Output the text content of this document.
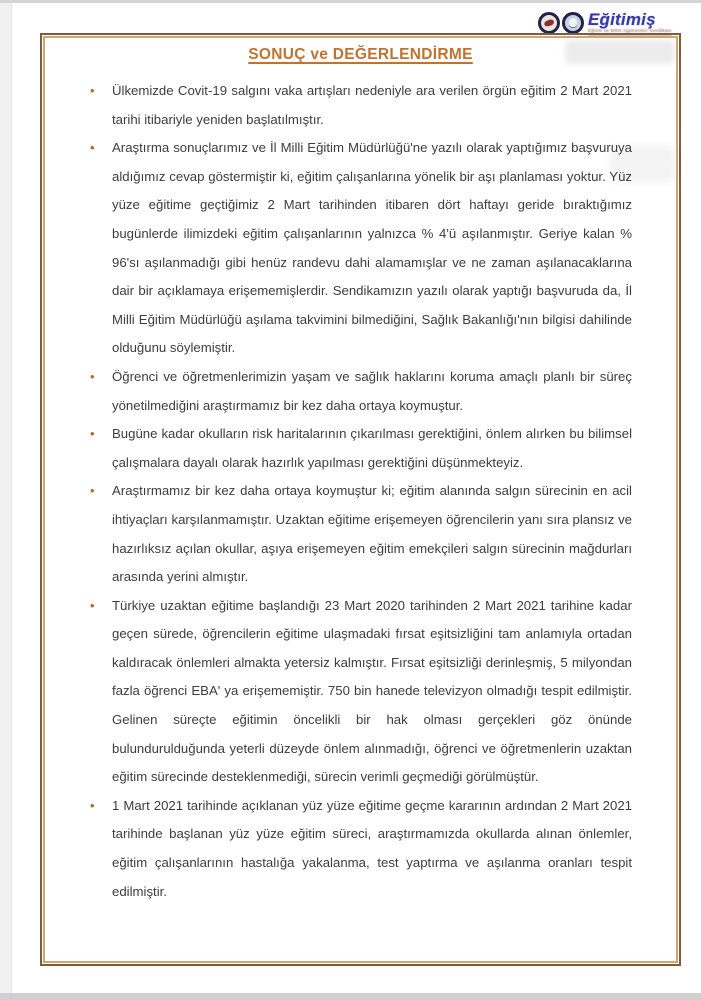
Eğitimiş
Eğitim ve Bilim İşgörenleri Sendikası
SONUÇ ve DEĞERLENDİRME
•	Ülkemizde Covit-19 salgını vaka artışları nedeniyle ara verilen örgün eğitim 2 Mart 2021 tarihi itibariyle yeniden başlatılmıştır.
•	Araştırma sonuçlarımız ve İl Milli Eğitim Müdürlüğü'ne yazılı olarak yaptığımız başvuruya aldığımız cevap göstermiştir ki, eğitim çalışanlarına yönelik bir aşı planlaması yoktur. Yüz yüze eğitime geçtiğimiz 2 Mart tarihinden itibaren dört haftayı geride bıraktığımız bugünlerde ilimizdeki eğitim çalışanlarının yalnızca % 4'ü aşılanmıştır. Geriye kalan % 96'sı aşılanmadığı gibi henüz randevu dahi alamamışlar ve ne zaman aşılanacaklarına dair bir açıklamaya erişememişlerdir. Sendikamızın yazılı olarak yaptığı başvuruda da, İl Milli Eğitim Müdürlüğü aşılama takvimini bilmediğini, Sağlık Bakanlığı'nın bilgisi dahilinde olduğunu söylemiştir.
•	Öğrenci ve öğretmenlerimizin yaşam ve sağlık haklarını koruma amaçlı planlı bir süreç yönetilmediğini araştırmamız bir kez daha ortaya koymuştur.
•	Bugüne kadar okulların risk haritalarının çıkarılması gerektiğini, önlem alırken bu bilimsel çalışmalara dayalı olarak hazırlık yapılması gerektiğini düşünmekteyiz.
•	Araştırmamız bir kez daha ortaya koymuştur ki; eğitim alanında salgın sürecinin en acil ihtiyaçları karşılanmamıştır. Uzaktan eğitime erişemeyen öğrencilerin yanı sıra plansız ve hazırlıksız açılan okullar, aşıya erişemeyen eğitim emekçileri salgın sürecinin mağdurları arasında yerini almıştır.
•	Türkiye uzaktan eğitime başlandığı 23 Mart 2020 tarihinden 2 Mart 2021 tarihine kadar geçen sürede, öğrencilerin eğitime ulaşmadaki fırsat eşitsizliğini tam anlamıyla ortadan kaldıracak önlemleri almakta yetersiz kalmıştır. Fırsat eşitsizliği derinleşmiş, 5 milyondan fazla öğrenci EBA' ya erişememiştir. 750 bin hanede televizyon olmadığı tespit edilmiştir. Gelinen süreçte eğitimin öncelikli bir hak olması gerçekleri göz önünde bulundurulduğunda yeterli düzeyde önlem alınmadığı, öğrenci ve öğretmenlerin uzaktan eğitim sürecinde desteklenmediği, sürecin verimli geçmediği görülmüştür.
•	1 Mart 2021 tarihinde açıklanan yüz yüze eğitime geçme kararının ardından 2 Mart 2021 tarihinde başlanan yüz yüze eğitim süreci, araştırmamızda okullarda alınan önlemler, eğitim çalışanlarının hastalığa yakalanma, test yaptırma ve aşılanma oranları tespit edilmiştir.
